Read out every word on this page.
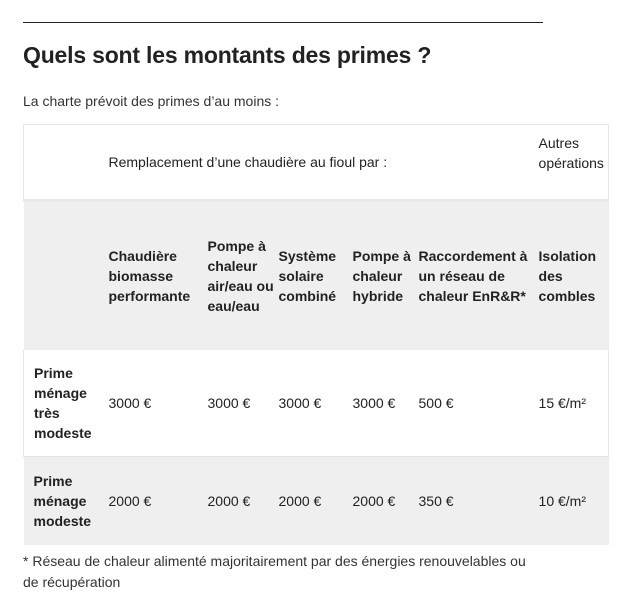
Quels sont les montants des primes ?
La charte prévoit des primes d’au moins :
	Remplacement d’une chaudière au fioul par :					Autres opérations
	Chaudière biomasse performante	Pompe à chaleur air/eau ou eau/eau	Système solaire combiné	Pompe à chaleur hybride	Raccordement à un réseau de chaleur EnR&R*	Isolation des combles
Prime ménage très modeste	3000 €	3000 €	3000 €	3000 €	500 €	15 €/m²
Prime ménage modeste	2000 €	2000 €	2000 €	2000 €	350 €	10 €/m²
* Réseau de chaleur alimenté majoritairement par des énergies renouvelables ou de récupération
